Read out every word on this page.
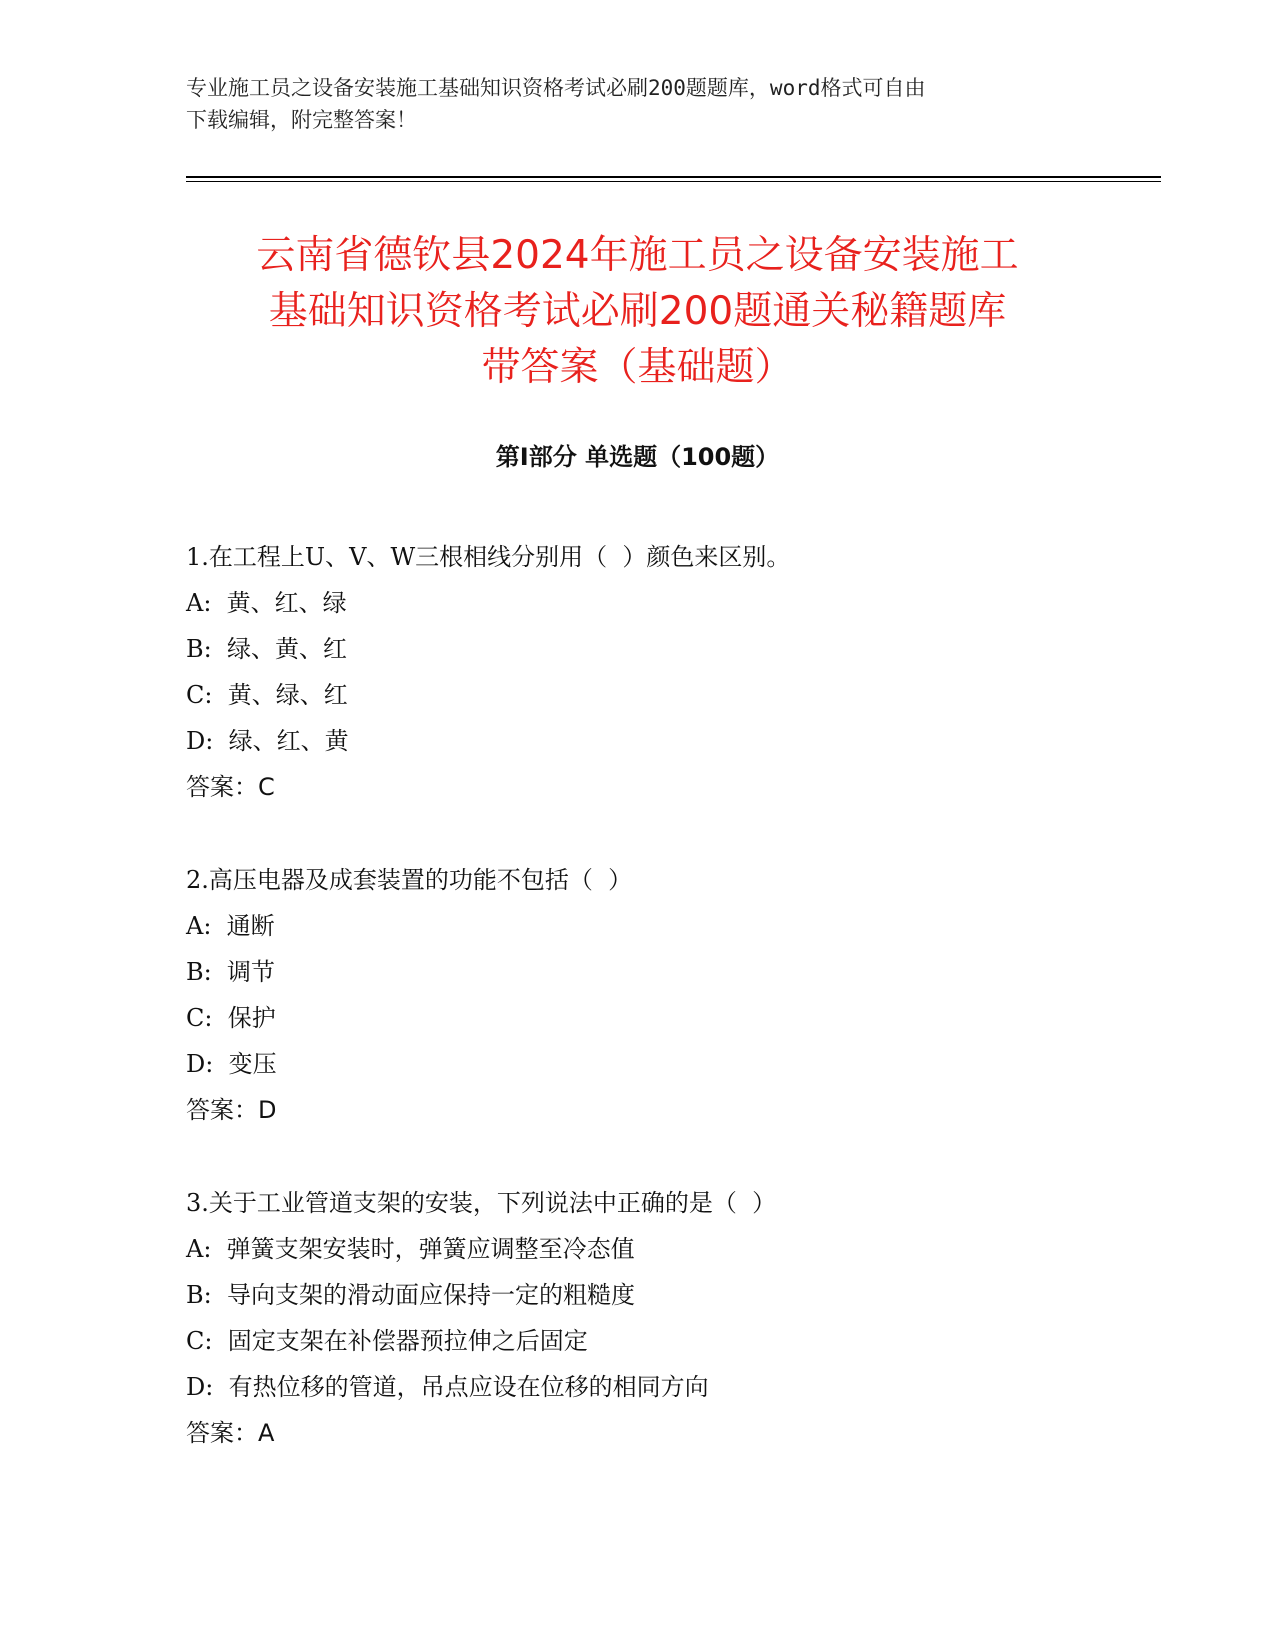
专业施工员之设备安装施工基础知识资格考试必刷200题题库，word格式可自由
下载编辑，附完整答案！
云南省德钦县2024年施工员之设备安装施工
基础知识资格考试必刷200题通关秘籍题库
带答案（基础题）
第Ⅰ部分 单选题（100题）
1.在工程上U、V、W三根相线分别用（  ）颜色来区别。
A:  黄、红、绿
B:  绿、黄、红
C:  黄、绿、红
D:  绿、红、黄
答案：C
2.高压电器及成套装置的功能不包括（  ）
A:  通断
B:  调节
C:  保护
D:  变压
答案：D
3.关于工业管道支架的安装，下列说法中正确的是（  ）
A:  弹簧支架安装时，弹簧应调整至冷态值
B:  导向支架的滑动面应保持一定的粗糙度
C:  固定支架在补偿器预拉伸之后固定
D:  有热位移的管道，吊点应设在位移的相同方向
答案：A
